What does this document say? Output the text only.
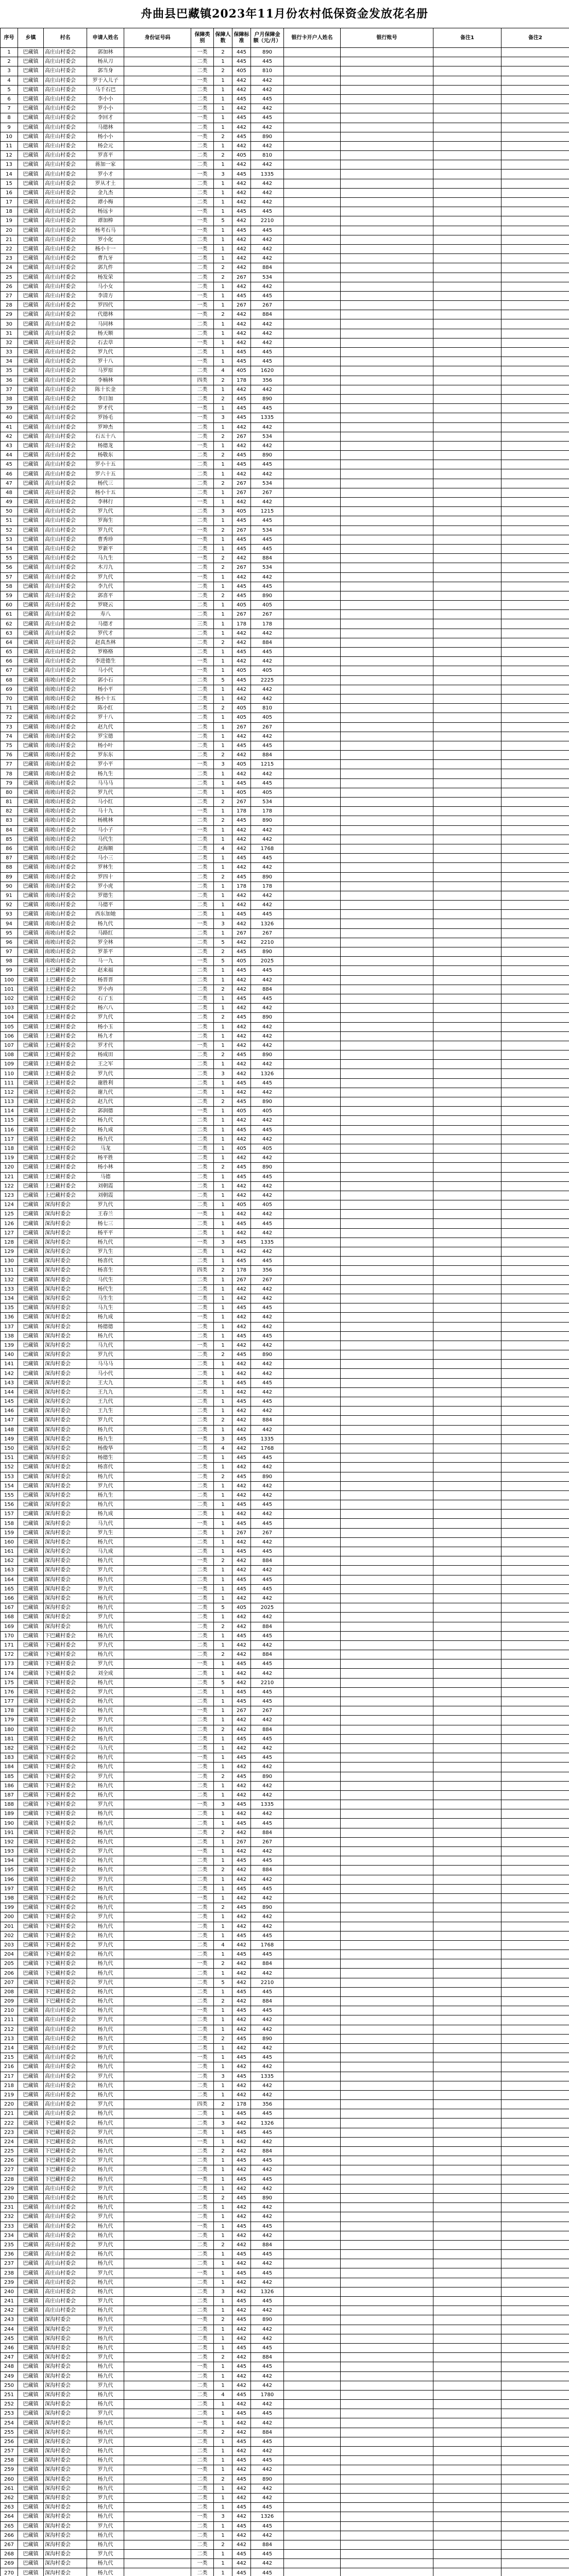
舟曲县巴藏镇2023年11月份农村低保资金发放花名册
序号	乡镇	村名	申请人姓名	身份证号码	保障类别	保障人数	保障标准	户月保障金额（元/月）	银行卡开户人姓名	银行账号	备注1	备注2
1	巴藏镇	高庄山村委会	郭加林		一类	2	445	890				
2	巴藏镇	高庄山村委会	杨从刀		二类	1	445	445				
3	巴藏镇	高庄山村委会	郭当身		二类	2	405	810				
4	巴藏镇	高庄山村委会	罗于入儿子		一类	1	442	442				
5	巴藏镇	高庄山村委会	马千石巴		二类	1	442	442				
6	巴藏镇	高庄山村委会	李小小		二类	1	445	445				
7	巴藏镇	高庄山村委会	罗小小		二类	1	442	442				
8	巴藏镇	高庄山村委会	李回才		一类	1	445	445				
9	巴藏镇	高庄山村委会	马德林		二类	1	442	442				
10	巴藏镇	高庄山村委会	杨小小		一类	2	445	890				
11	巴藏镇	高庄山村委会	杨会元		二类	1	442	442				
12	巴藏镇	高庄山村委会	罗喜平		二类	2	405	810				
13	巴藏镇	高庄山村委会	蒋加一家		二类	1	442	442				
14	巴藏镇	高庄山村委会	罗小才		一类	3	445	1335				
15	巴藏镇	高庄山村委会	罗从才土		二类	1	442	442				
16	巴藏镇	高庄山村委会	金九杰		二类	1	442	442				
17	巴藏镇	高庄山村委会	谭小梅		二类	1	442	442				
18	巴藏镇	高庄山村委会	杨远卡		一类	1	445	445				
19	巴藏镇	高庄山村委会	谭加棒		一类	5	442	2210				
20	巴藏镇	高庄山村委会	杨考石马		一类	1	445	445				
21	巴藏镇	高庄山村委会	罗小化		二类	1	442	442				
22	巴藏镇	高庄山村委会	杨小十一		一类	1	442	442				
23	巴藏镇	高庄山村委会	曹九牙		二类	1	442	442				
24	巴藏镇	高庄山村委会	郭九件		二类	2	442	884				
25	巴藏镇	高庄山村委会	杨发荣		二类	2	267	534				
26	巴藏镇	高庄山村委会	马小女		二类	1	442	442				
27	巴藏镇	高庄山村委会	李清方		一类	1	445	445				
28	巴藏镇	高庄山村委会	罗四代		一类	1	267	267				
29	巴藏镇	高庄山村委会	代德林		一类	2	442	884				
30	巴藏镇	高庄山村委会	马同林		二类	1	442	442				
31	巴藏镇	高庄山村委会	杨天顺		二类	1	442	442				
32	巴藏镇	高庄山村委会	石去草		一类	1	442	442				
33	巴藏镇	高庄山村委会	罗九代		二类	1	445	445				
34	巴藏镇	高庄山村委会	罗十八		一类	1	445	445				
35	巴藏镇	高庄山村委会	马罗原		二类	4	405	1620				
36	巴藏镇	高庄山村委会	李楠林		四类	2	178	356				
37	巴藏镇	高庄山村委会	陈十长金		二类	1	442	442				
38	巴藏镇	高庄山村委会	李日加		二类	2	445	890				
39	巴藏镇	高庄山村委会	罗才代		一类	1	445	445				
40	巴藏镇	高庄山村委会	罗扬毛		一类	3	445	1335				
41	巴藏镇	高庄山村委会	罗坤杰		二类	1	442	442				
42	巴藏镇	高庄山村委会	石五十八		二类	2	267	534				
43	巴藏镇	高庄山村委会	杨德龙		一类	1	442	442				
44	巴藏镇	高庄山村委会	杨敬东		二类	2	445	890				
45	巴藏镇	高庄山村委会	罗小十五		二类	1	445	445				
46	巴藏镇	高庄山村委会	罗六十五		二类	1	442	442				
47	巴藏镇	高庄山村委会	杨代三		二类	2	267	534				
48	巴藏镇	高庄山村委会	杨小十五		二类	1	267	267				
49	巴藏镇	高庄山村委会	李林行		一类	1	442	442				
50	巴藏镇	高庄山村委会	罗九代		二类	3	405	1215				
51	巴藏镇	高庄山村委会	罗海生		二类	1	445	445				
52	巴藏镇	高庄山村委会	罗九代		一类	2	267	534				
53	巴藏镇	高庄山村委会	曹秀珍		一类	1	445	445				
54	巴藏镇	高庄山村委会	罗新平		二类	1	445	445				
55	巴藏镇	高庄山村委会	马九生		一类	2	442	884				
56	巴藏镇	高庄山村委会	木刀九		二类	2	267	534				
57	巴藏镇	高庄山村委会	罗九代		一类	1	442	442				
58	巴藏镇	高庄山村委会	李九代		二类	1	445	445				
59	巴藏镇	高庄山村委会	郭喜平		二类	2	445	890				
60	巴藏镇	高庄山村委会	罗晓云		二类	1	405	405				
61	巴藏镇	高庄山村委会	寿八		二类	1	267	267				
62	巴藏镇	高庄山村委会	马德才		三类	1	178	178				
63	巴藏镇	高庄山村委会	罗代才		二类	1	442	442				
64	巴藏镇	高庄山村委会	赵真杰林		二类	2	442	884				
65	巴藏镇	高庄山村委会	罗格格		二类	1	445	445				
66	巴藏镇	高庄山村委会	李进德生		一类	1	442	442				
67	巴藏镇	高庄山村委会	马小代		一类	1	405	405				
68	巴藏镇	南坡山村委会	郭小石		二类	5	445	2225				
69	巴藏镇	南坡山村委会	杨小平		二类	1	442	442				
70	巴藏镇	南坡山村委会	杨小十五		二类	1	442	442				
71	巴藏镇	南坡山村委会	陈小红		二类	2	405	810				
72	巴藏镇	南坡山村委会	罗十八		二类	1	405	405				
73	巴藏镇	南坡山村委会	赵九代		二类	1	267	267				
74	巴藏镇	南坡山村委会	罗宝德		二类	1	442	442				
75	巴藏镇	南坡山村委会	杨小叶		二类	1	445	445				
76	巴藏镇	南坡山村委会	罗东东		二类	2	442	884				
77	巴藏镇	南坡山村委会	罗小平		一类	3	405	1215				
78	巴藏镇	南坡山村委会	杨九生		二类	1	442	442				
79	巴藏镇	南坡山村委会	马马马		二类	1	445	445				
80	巴藏镇	南坡山村委会	罗九代		二类	1	405	405				
81	巴藏镇	南坡山村委会	马小红		二类	2	267	534				
82	巴藏镇	南坡山村委会	马十九		一类	1	178	178				
83	巴藏镇	南坡山村委会	杨桃林		二类	2	445	890				
84	巴藏镇	南坡山村委会	马小子		一类	1	442	442				
85	巴藏镇	南坡山村委会	马代生		二类	1	442	442				
86	巴藏镇	南坡山村委会	赵海顺		二类	4	442	1768				
87	巴藏镇	南坡山村委会	马小三		二类	1	445	445				
88	巴藏镇	南坡山村委会	罗林生		二类	1	442	442				
89	巴藏镇	南坡山村委会	罗四十		二类	2	445	890				
90	巴藏镇	南坡山村委会	罗小虎		二类	1	178	178				
91	巴藏镇	南坡山村委会	罗德生		二类	1	442	442				
92	巴藏镇	南坡山村委会	马德平		二类	1	442	442				
93	巴藏镇	南坡山村委会	西东加她		二类	1	445	445				
94	巴藏镇	南坡山村委会	杨九代		一类	3	442	1326				
95	巴藏镇	南坡山村委会	马路红		二类	1	267	267				
96	巴藏镇	南坡山村委会	罗全林		二类	5	442	2210				
97	巴藏镇	南坡山村委会	罗茶平		二类	2	445	890				
98	巴藏镇	南坡山村委会	马一九		一类	5	405	2025				
99	巴藏镇	上巴藏村委会	赵来福		二类	1	445	445				
100	巴藏镇	上巴藏村委会	杨晋晋		二类	1	442	442				
101	巴藏镇	上巴藏村委会	罗小冉		二类	2	442	884				
102	巴藏镇	上巴藏村委会	石了玉		二类	1	445	445				
103	巴藏镇	上巴藏村委会	杨六八		二类	1	442	442				
104	巴藏镇	上巴藏村委会	罗九代		二类	2	445	890				
105	巴藏镇	上巴藏村委会	杨小玉		二类	1	442	442				
106	巴藏镇	上巴藏村委会	杨九才		二类	1	442	442				
107	巴藏镇	上巴藏村委会	罗才代		一类	1	442	442				
108	巴藏镇	上巴藏村委会	杨成田		二类	2	445	890				
109	巴藏镇	上巴藏村委会	王之军		二类	1	442	442				
110	巴藏镇	上巴藏村委会	罗九代		二类	3	442	1326				
111	巴藏镇	上巴藏村委会	谢胜利		二类	1	445	445				
112	巴藏镇	上巴藏村委会	谢九代		二类	1	442	442				
113	巴藏镇	上巴藏村委会	赵九代		二类	2	445	890				
114	巴藏镇	上巴藏村委会	郭润德		一类	1	405	405				
115	巴藏镇	上巴藏村委会	杨九代		二类	1	442	442				
116	巴藏镇	上巴藏村委会	杨九成		二类	1	445	445				
117	巴藏镇	上巴藏村委会	杨九代		二类	1	442	442				
118	巴藏镇	上巴藏村委会	马龙		二类	1	405	405				
119	巴藏镇	上巴藏村委会	杨平胜		二类	1	442	442				
120	巴藏镇	上巴藏村委会	杨小林		二类	2	445	890				
121	巴藏镇	上巴藏村委会	马德		二类	1	445	445				
122	巴藏镇	上巴藏村委会	刘朝霞		二类	1	442	442				
123	巴藏镇	上巴藏村委会	刘朝霞		二类	1	442	442				
124	巴藏镇	深沟村委会	罗九代		二类	1	405	405				
125	巴藏镇	深沟村委会	王春兰		一类	1	442	442				
126	巴藏镇	深沟村委会	杨七三		二类	1	445	445				
127	巴藏镇	深沟村委会	杨平平		二类	1	442	442				
128	巴藏镇	深沟村委会	杨九代		一类	3	445	1335				
129	巴藏镇	深沟村委会	罗九生		二类	1	442	442				
130	巴藏镇	深沟村委会	杨喜代		二类	1	445	445				
131	巴藏镇	深沟村委会	杨喜生		四类	2	178	356				
132	巴藏镇	深沟村委会	马代生		二类	1	267	267				
133	巴藏镇	深沟村委会	杨代生		二类	1	442	442				
134	巴藏镇	深沟村委会	马生生		二类	1	442	442				
135	巴藏镇	深沟村委会	马九生		二类	1	445	445				
136	巴藏镇	深沟村委会	杨九成		一类	1	442	442				
137	巴藏镇	深沟村委会	杨德德		二类	1	442	442				
138	巴藏镇	深沟村委会	杨九代		二类	1	445	445				
139	巴藏镇	深沟村委会	马九代		一类	1	442	442				
140	巴藏镇	深沟村委会	罗九代		二类	2	445	890				
141	巴藏镇	深沟村委会	马马马		二类	1	442	442				
142	巴藏镇	深沟村委会	马小代		二类	1	442	442				
143	巴藏镇	深沟村委会	王大九		二类	1	445	445				
144	巴藏镇	深沟村委会	王九九		二类	1	442	442				
145	巴藏镇	深沟村委会	王九代		二类	1	445	445				
146	巴藏镇	深沟村委会	王九生		二类	1	442	442				
147	巴藏镇	深沟村委会	罗九代		二类	2	442	884				
148	巴藏镇	深沟村委会	杨九代		二类	1	442	442				
149	巴藏镇	深沟村委会	杨九生		一类	3	445	1335				
150	巴藏镇	深沟村委会	杨俊华		二类	4	442	1768				
151	巴藏镇	深沟村委会	杨德生		二类	1	445	445				
152	巴藏镇	深沟村委会	杨喜代		二类	1	442	442				
153	巴藏镇	深沟村委会	杨九代		二类	2	445	890				
154	巴藏镇	深沟村委会	罗九代		二类	1	442	442				
155	巴藏镇	深沟村委会	杨九生		二类	1	442	442				
156	巴藏镇	深沟村委会	杨九代		二类	1	445	445				
157	巴藏镇	深沟村委会	杨九成		二类	1	442	442				
158	巴藏镇	深沟村委会	马九代		一类	1	445	445				
159	巴藏镇	深沟村委会	罗九生		二类	1	267	267				
160	巴藏镇	深沟村委会	杨九代		二类	1	442	442				
161	巴藏镇	深沟村委会	马九成		二类	1	445	445				
162	巴藏镇	深沟村委会	杨九代		一类	2	442	884				
163	巴藏镇	深沟村委会	罗九代		二类	1	442	442				
164	巴藏镇	深沟村委会	杨九代		二类	1	445	445				
165	巴藏镇	深沟村委会	罗九代		一类	1	445	445				
166	巴藏镇	深沟村委会	杨九代		二类	1	442	442				
167	巴藏镇	深沟村委会	杨九代		二类	5	405	2025				
168	巴藏镇	深沟村委会	罗九代		二类	1	442	442				
169	巴藏镇	深沟村委会	杨九代		二类	2	442	884				
170	巴藏镇	下巴藏村委会	杨九代		二类	1	445	445				
171	巴藏镇	下巴藏村委会	罗九代		二类	1	442	442				
172	巴藏镇	下巴藏村委会	杨九代		二类	2	442	884				
173	巴藏镇	下巴藏村委会	罗九代		一类	1	445	445				
174	巴藏镇	下巴藏村委会	刘全成		二类	1	442	442				
175	巴藏镇	下巴藏村委会	杨九代		二类	5	442	2210				
176	巴藏镇	下巴藏村委会	罗九代		二类	1	445	445				
177	巴藏镇	下巴藏村委会	杨九代		二类	1	445	445				
178	巴藏镇	下巴藏村委会	杨九代		一类	1	267	267				
179	巴藏镇	下巴藏村委会	罗九代		二类	1	442	442				
180	巴藏镇	下巴藏村委会	杨九代		二类	2	442	884				
181	巴藏镇	下巴藏村委会	杨九代		二类	1	445	445				
182	巴藏镇	下巴藏村委会	马九代		二类	1	442	442				
183	巴藏镇	下巴藏村委会	杨九代		一类	1	445	445				
184	巴藏镇	下巴藏村委会	杨九代		二类	1	442	442				
185	巴藏镇	下巴藏村委会	罗九代		二类	2	445	890				
186	巴藏镇	下巴藏村委会	杨九代		二类	1	442	442				
187	巴藏镇	下巴藏村委会	杨九代		二类	1	442	442				
188	巴藏镇	下巴藏村委会	罗九代		一类	3	445	1335				
189	巴藏镇	下巴藏村委会	杨九代		二类	1	442	442				
190	巴藏镇	下巴藏村委会	杨九代		二类	1	445	445				
191	巴藏镇	下巴藏村委会	杨九代		二类	2	442	884				
192	巴藏镇	下巴藏村委会	杨九代		二类	1	267	267				
193	巴藏镇	下巴藏村委会	罗九代		一类	1	442	442				
194	巴藏镇	下巴藏村委会	杨九代		二类	1	445	445				
195	巴藏镇	下巴藏村委会	杨九代		二类	2	442	884				
196	巴藏镇	下巴藏村委会	罗九代		二类	1	442	442				
197	巴藏镇	下巴藏村委会	杨九代		二类	1	445	445				
198	巴藏镇	下巴藏村委会	杨九代		一类	1	442	442				
199	巴藏镇	下巴藏村委会	杨九代		二类	2	445	890				
200	巴藏镇	下巴藏村委会	罗九代		二类	1	442	442				
201	巴藏镇	下巴藏村委会	杨九代		二类	1	442	442				
202	巴藏镇	下巴藏村委会	杨九代		二类	1	445	445				
203	巴藏镇	下巴藏村委会	罗九代		二类	4	442	1768				
204	巴藏镇	下巴藏村委会	杨九代		二类	1	445	445				
205	巴藏镇	下巴藏村委会	杨九代		一类	2	442	884				
206	巴藏镇	下巴藏村委会	杨九代		二类	1	442	442				
207	巴藏镇	下巴藏村委会	罗九代		二类	5	442	2210				
208	巴藏镇	下巴藏村委会	杨九代		二类	1	445	445				
209	巴藏镇	下巴藏村委会	杨九代		二类	2	442	884				
210	巴藏镇	高庄山村委会	杨九代		一类	1	445	445				
211	巴藏镇	高庄山村委会	罗九代		二类	1	442	442				
212	巴藏镇	高庄山村委会	杨九代		二类	1	442	442				
213	巴藏镇	高庄山村委会	杨九代		二类	2	445	890				
214	巴藏镇	高庄山村委会	罗九代		二类	1	442	442				
215	巴藏镇	高庄山村委会	杨九代		一类	1	445	445				
216	巴藏镇	高庄山村委会	杨九代		二类	1	442	442				
217	巴藏镇	高庄山村委会	罗九代		二类	3	445	1335				
218	巴藏镇	高庄山村委会	杨九代		二类	1	442	442				
219	巴藏镇	高庄山村委会	杨九代		二类	1	442	442				
220	巴藏镇	高庄山村委会	罗九代		四类	2	178	356				
221	巴藏镇	高庄山村委会	杨九代		二类	1	445	445				
222	巴藏镇	下巴藏村委会	杨九代		二类	3	442	1326				
223	巴藏镇	下巴藏村委会	罗九代		二类	1	445	445				
224	巴藏镇	下巴藏村委会	杨九代		一类	1	442	442				
225	巴藏镇	下巴藏村委会	杨九代		二类	2	442	884				
226	巴藏镇	下巴藏村委会	罗九代		二类	1	445	445				
227	巴藏镇	下巴藏村委会	杨九代		二类	1	442	442				
228	巴藏镇	下巴藏村委会	杨九代		一类	1	445	445				
229	巴藏镇	高庄山村委会	罗九代		二类	1	442	442				
230	巴藏镇	高庄山村委会	杨九代		二类	2	445	890				
231	巴藏镇	高庄山村委会	杨九代		二类	1	442	442				
232	巴藏镇	高庄山村委会	罗九代		二类	1	442	442				
233	巴藏镇	高庄山村委会	杨九代		一类	1	445	445				
234	巴藏镇	高庄山村委会	杨九代		二类	1	442	442				
235	巴藏镇	高庄山村委会	罗九代		二类	2	442	884				
236	巴藏镇	高庄山村委会	杨九代		二类	1	445	445				
237	巴藏镇	高庄山村委会	杨九代		二类	1	442	442				
238	巴藏镇	高庄山村委会	罗九代		一类	1	445	445				
239	巴藏镇	高庄山村委会	杨九代		二类	1	442	442				
240	巴藏镇	高庄山村委会	杨九代		二类	3	442	1326				
241	巴藏镇	高庄山村委会	罗九代		二类	1	445	445				
242	巴藏镇	高庄山村委会	杨九代		二类	1	442	442				
243	巴藏镇	深沟村委会	杨九代		一类	2	445	890				
244	巴藏镇	深沟村委会	罗九代		二类	1	442	442				
245	巴藏镇	深沟村委会	杨九代		二类	1	442	442				
246	巴藏镇	深沟村委会	杨九代		二类	1	445	445				
247	巴藏镇	深沟村委会	罗九代		二类	2	442	884				
248	巴藏镇	深沟村委会	杨九代		一类	1	445	445				
249	巴藏镇	深沟村委会	杨九代		二类	1	442	442				
250	巴藏镇	深沟村委会	罗九代		二类	1	442	442				
251	巴藏镇	深沟村委会	杨九代		二类	4	445	1780				
252	巴藏镇	深沟村委会	杨九代		二类	1	442	442				
253	巴藏镇	深沟村委会	罗九代		二类	1	445	445				
254	巴藏镇	深沟村委会	杨九代		一类	1	442	442				
255	巴藏镇	深沟村委会	杨九代		二类	2	442	884				
256	巴藏镇	深沟村委会	罗九代		二类	1	445	445				
257	巴藏镇	深沟村委会	杨九代		二类	1	442	442				
258	巴藏镇	深沟村委会	杨九代		二类	1	445	445				
259	巴藏镇	深沟村委会	罗九代		一类	1	442	442				
260	巴藏镇	深沟村委会	杨九代		二类	2	445	890				
261	巴藏镇	深沟村委会	杨九代		二类	1	442	442				
262	巴藏镇	深沟村委会	罗九代		二类	1	442	442				
263	巴藏镇	深沟村委会	杨九代		二类	1	445	445				
264	巴藏镇	深沟村委会	杨九代		一类	3	442	1326				
265	巴藏镇	深沟村委会	罗九代		二类	1	445	445				
266	巴藏镇	深沟村委会	杨九代		二类	1	442	442				
267	巴藏镇	深沟村委会	杨九代		二类	2	442	884				
268	巴藏镇	深沟村委会	罗九代		二类	1	445	445				
269	巴藏镇	深沟村委会	杨九代		一类	1	442	442				
270	巴藏镇	深沟村委会	杨九代		二类	1	445	445				
